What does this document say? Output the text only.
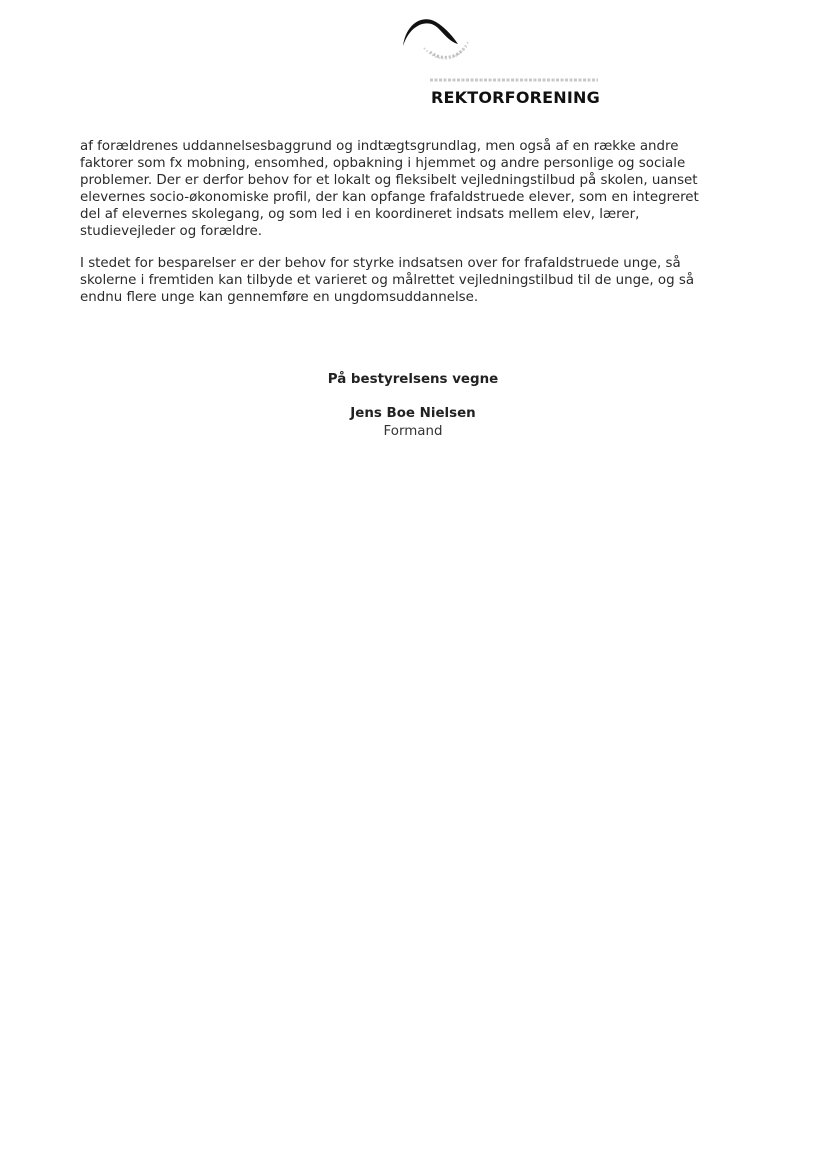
REKTORFORENING

af forældrenes uddannelsesbaggrund og indtægtsgrundlag, men også af en række andre
faktorer som fx mobning, ensomhed, opbakning i hjemmet og andre personlige og sociale
problemer. Der er derfor behov for et lokalt og fleksibelt vejledningstilbud på skolen, uanset
elevernes socio-økonomiske profil, der kan opfange frafaldstruede elever, som en integreret
del af elevernes skolegang, og som led i en koordineret indsats mellem elev, lærer,
studievejleder og forældre.

I stedet for besparelser er der behov for styrke indsatsen over for frafaldstruede unge, så
skolerne i fremtiden kan tilbyde et varieret og målrettet vejledningstilbud til de unge, og så
endnu flere unge kan gennemføre en ungdomsuddannelse.

På bestyrelsens vegne

Jens Boe Nielsen

Formand
